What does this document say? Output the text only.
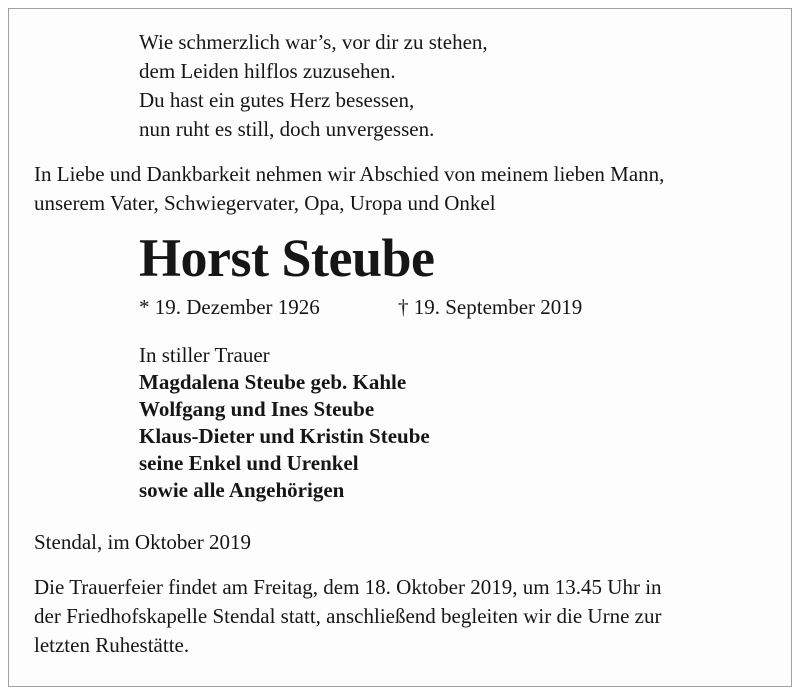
Wie schmerzlich war’s, vor dir zu stehen,
dem Leiden hilflos zuzusehen.
Du hast ein gutes Herz besessen,
nun ruht es still, doch unvergessen.
In Liebe und Dankbarkeit nehmen wir Abschied von meinem lieben Mann,
unserem Vater, Schwiegervater, Opa, Uropa und Onkel
Horst Steube
* 19. Dezember 1926	† 19. September 2019
In stiller Trauer
Magdalena Steube geb. Kahle
Wolfgang und Ines Steube
Klaus-Dieter und Kristin Steube
seine Enkel und Urenkel
sowie alle Angehörigen
Stendal, im Oktober 2019
Die Trauerfeier findet am Freitag, dem 18. Oktober 2019, um 13.45 Uhr in
der Friedhofskapelle Stendal statt, anschließend begleiten wir die Urne zur
letzten Ruhestätte.
